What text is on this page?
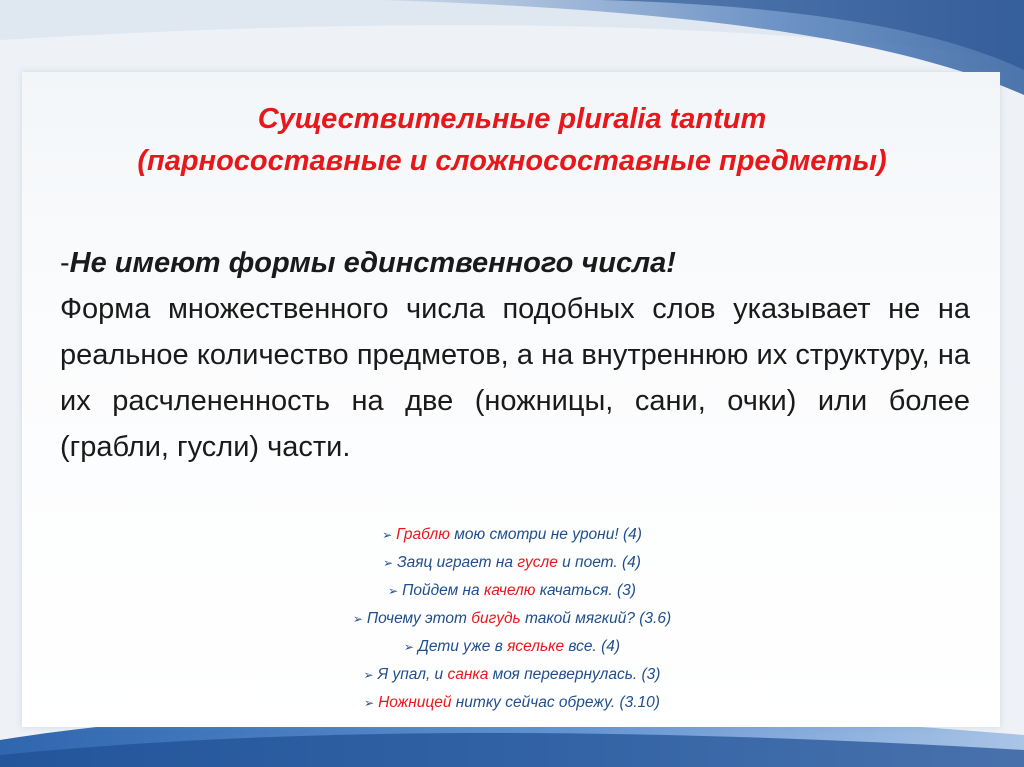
Существительные pluralia tantum
(парносоставные и сложносоставные предметы)
-Не имеют формы единственного числа!
Форма множественного числа подобных слов указывает не на реальное количество предметов, а на внутреннюю их структуру, на их расчлененность на две (ножницы, сани, очки) или более (грабли, гусли) части.
➢ Граблю мою смотри не урони! (4)
➢ Заяц играет на гусле и поет. (4)
➢ Пойдем на качелю качаться. (3)
➢ Почему этот бигудь такой мягкий? (3.6)
➢ Дети уже в ясельке все. (4)
➢ Я упал, и санка моя перевернулась. (3)
➢ Ножницей нитку сейчас обрежу. (3.10)
